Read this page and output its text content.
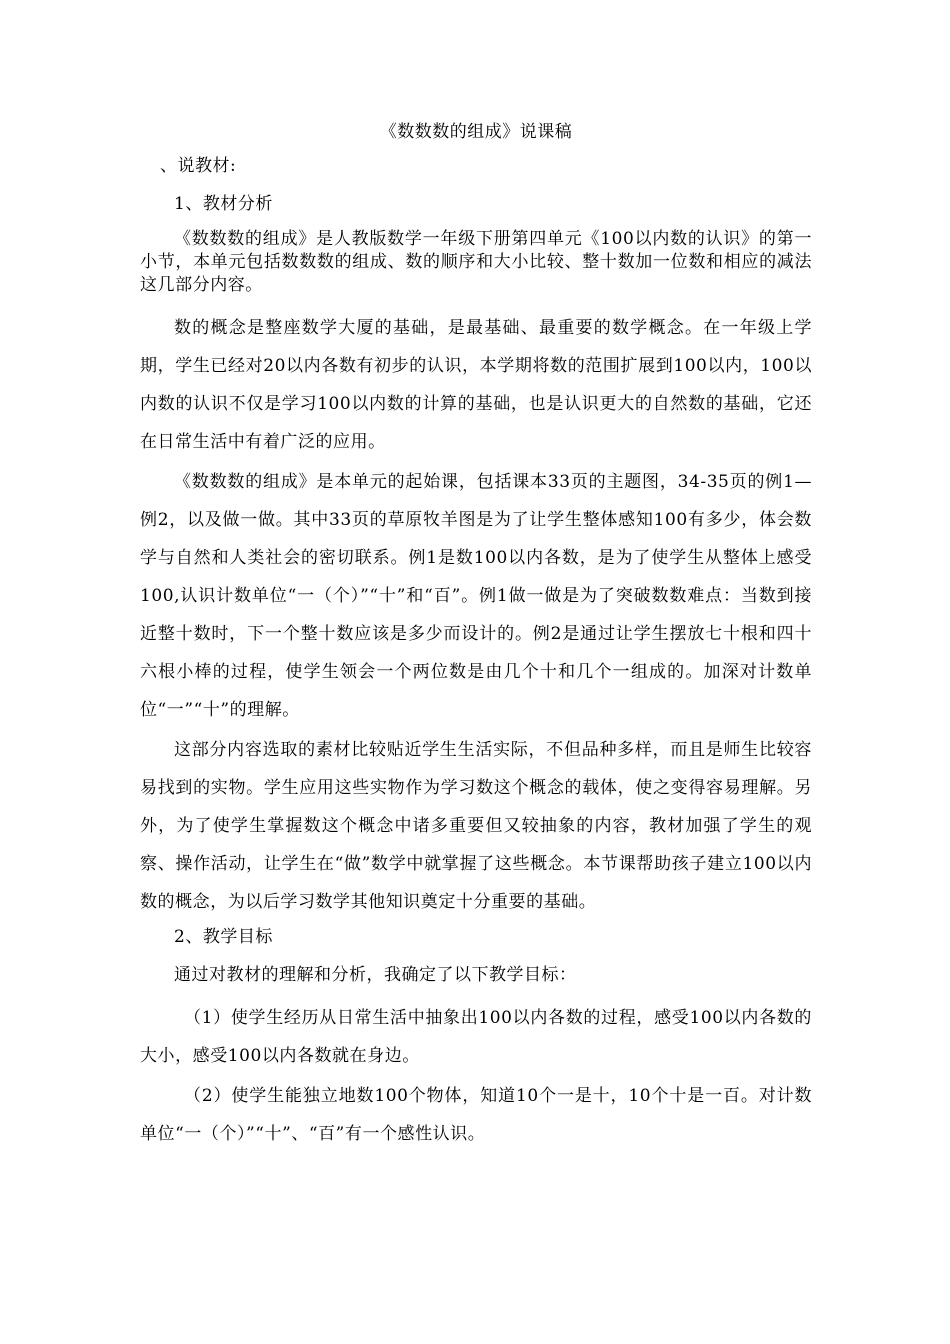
《数数数的组成》说课稿

、说教材:

1、教材分析

《数数数的组成》是人教版数学一年级下册第四单元《100以内数的认识》的第一小节，本单元包括数数数的组成、数的顺序和大小比较、整十数加一位数和相应的减法这几部分内容。

数的概念是整座数学大厦的基础，是最基础、最重要的数学概念。在一年级上学期，学生已经对20以内各数有初步的认识，本学期将数的范围扩展到100以内，100以内数的认识不仅是学习100以内数的计算的基础，也是认识更大的自然数的基础，它还在日常生活中有着广泛的应用。

《数数数的组成》是本单元的起始课，包括课本33页的主题图，34-35页的例1—例2，以及做一做。其中33页的草原牧羊图是为了让学生整体感知100有多少，体会数学与自然和人类社会的密切联系。例1是数100以内各数，是为了使学生从整体上感受100,认识计数单位“一（个）”“十”和“百”。例1做一做是为了突破数数难点：当数到接近整十数时，下一个整十数应该是多少而设计的。例2是通过让学生摆放七十根和四十六根小棒的过程，使学生领会一个两位数是由几个十和几个一组成的。加深对计数单位“一”“十”的理解。

这部分内容选取的素材比较贴近学生生活实际，不但品种多样，而且是师生比较容易找到的实物。学生应用这些实物作为学习数这个概念的载体，使之变得容易理解。另外，为了使学生掌握数这个概念中诸多重要但又较抽象的内容，教材加强了学生的观察、操作活动，让学生在“做”数学中就掌握了这些概念。本节课帮助孩子建立100以内数的概念，为以后学习数学其他知识奠定十分重要的基础。

2、教学目标

通过对教材的理解和分析，我确定了以下教学目标：

（1）使学生经历从日常生活中抽象出100以内各数的过程，感受100以内各数的大小，感受100以内各数就在身边。

（2）使学生能独立地数100个物体，知道10个一是十，10个十是一百。对计数单位“一（个）”“十”、“百”有一个感性认识。
